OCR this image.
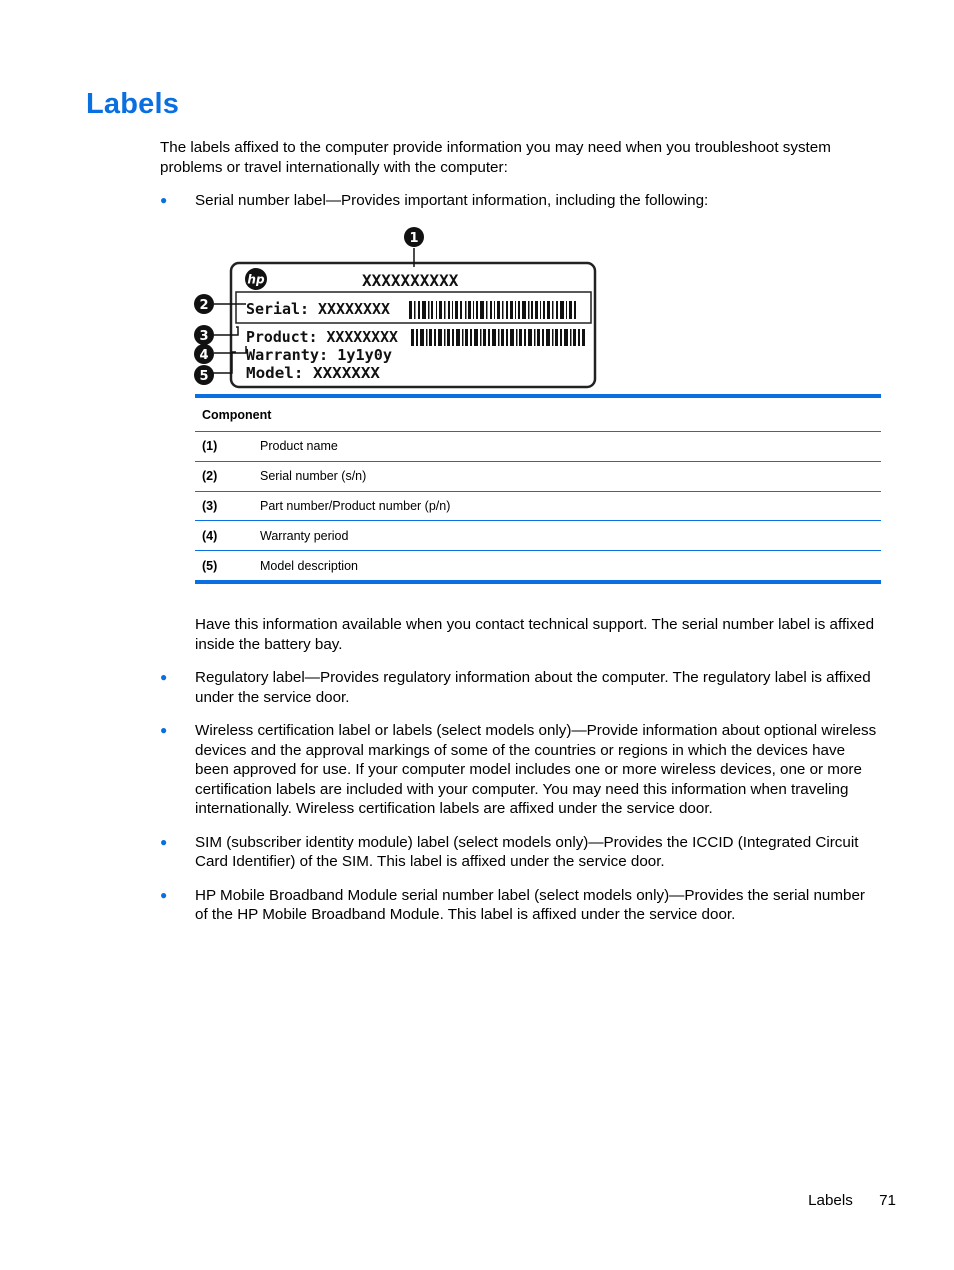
Labels

The labels affixed to the computer provide information you may need when you troubleshoot system problems or travel internationally with the computer:

● Serial number label—Provides important information, including the following:

hp	XXXXXXXXXX
Serial: XXXXXXXX
Product: XXXXXXXX
Warranty: 1y1y0y
Model: XXXXXXX
1
2
3
4
5
Component	
(1)	Product name
(2)	Serial number (s/n)
(3)	Part number/Product number (p/n)
(4)	Warranty period
(5)	Model description

Have this information available when you contact technical support. The serial number label is affixed inside the battery bay.

● Regulatory label—Provides regulatory information about the computer. The regulatory label is affixed under the service door.

● Wireless certification label or labels (select models only)—Provide information about optional wireless devices and the approval markings of some of the countries or regions in which the devices have been approved for use. If your computer model includes one or more wireless devices, one or more certification labels are included with your computer. You may need this information when traveling internationally. Wireless certification labels are affixed under the service door.

● SIM (subscriber identity module) label (select models only)—Provides the ICCID (Integrated Circuit Card Identifier) of the SIM. This label is affixed under the service door.

● HP Mobile Broadband Module serial number label (select models only)—Provides the serial number of the HP Mobile Broadband Module. This label is affixed under the service door.

Labels 71
